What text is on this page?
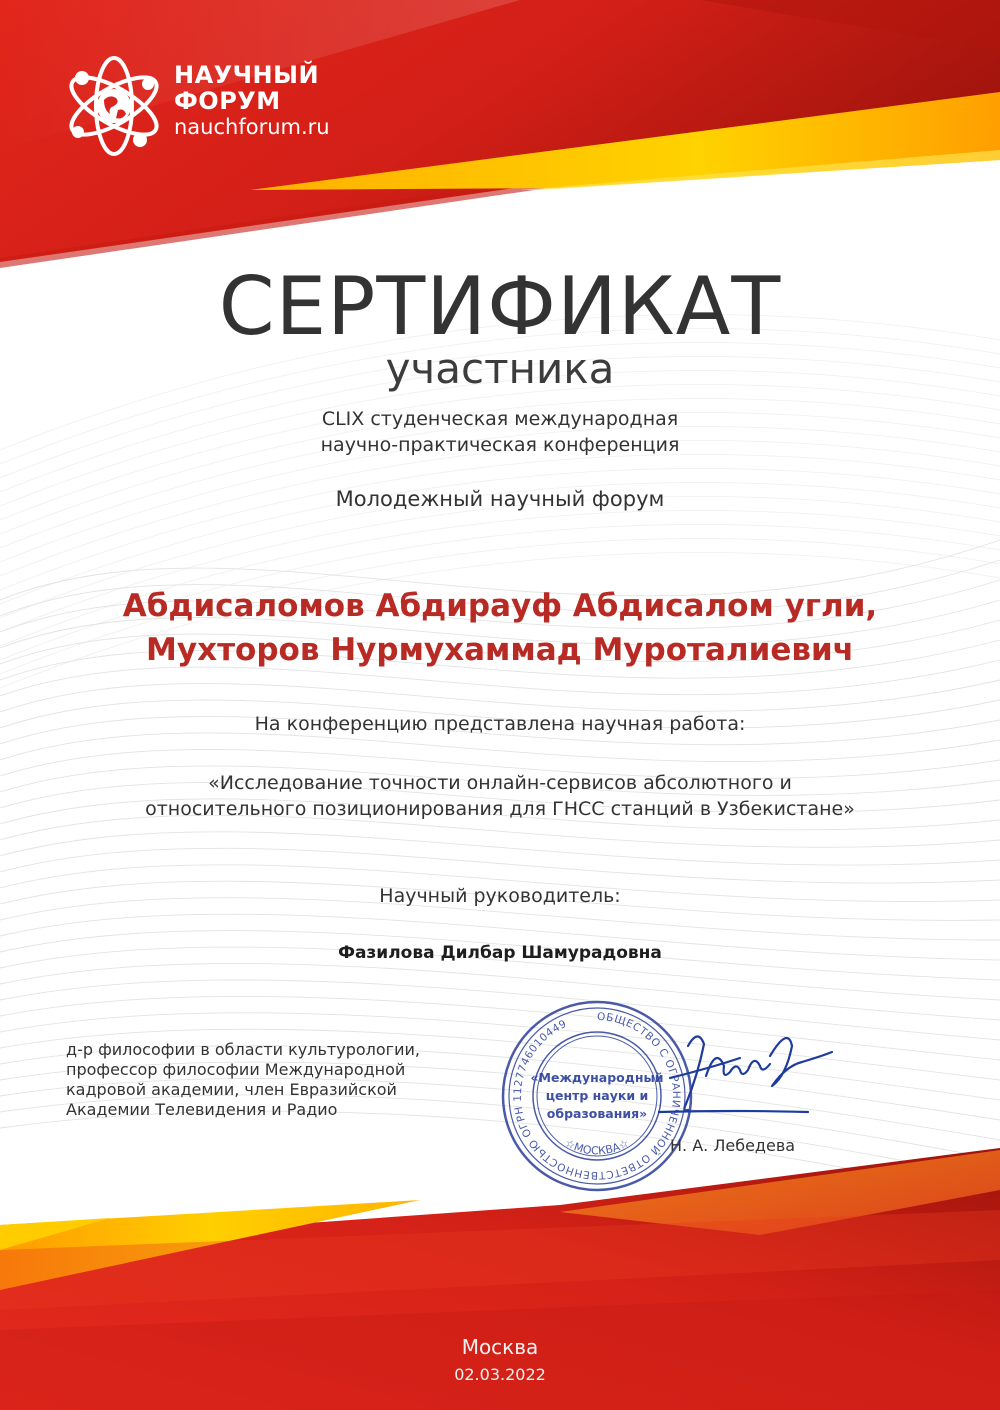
НАУЧНЫЙ
ФОРУМ
nauchforum.ru
СЕРТИФИКАТ
участника
CLIX студенческая международная
научно-практическая конференция
Молодежный научный форум
Абдисаломов Абдирауф Абдисалом угли,
Мухторов Нурмухаммад Муроталиевич
На конференцию представлена научная работа:
«Исследование точности онлайн-сервисов абсолютного и
относительного позиционирования для ГНСС станций в Узбекистане»
Научный руководитель:
Фазилова Дилбар Шамурадовна
д-р философии в области культурологии,
профессор философии Международной
кадровой академии, член Евразийской
Академии Телевидения и Радио
ОБЩЕСТВО С ОГРАНИЧЕННОЙ ОТВЕТСТВЕННОСТЬЮ ОГРН 1127746010449
☆МОСКВА☆
«Международный
центр науки и
образования»
Н. А. Лебедева
Москва
02.03.2022
